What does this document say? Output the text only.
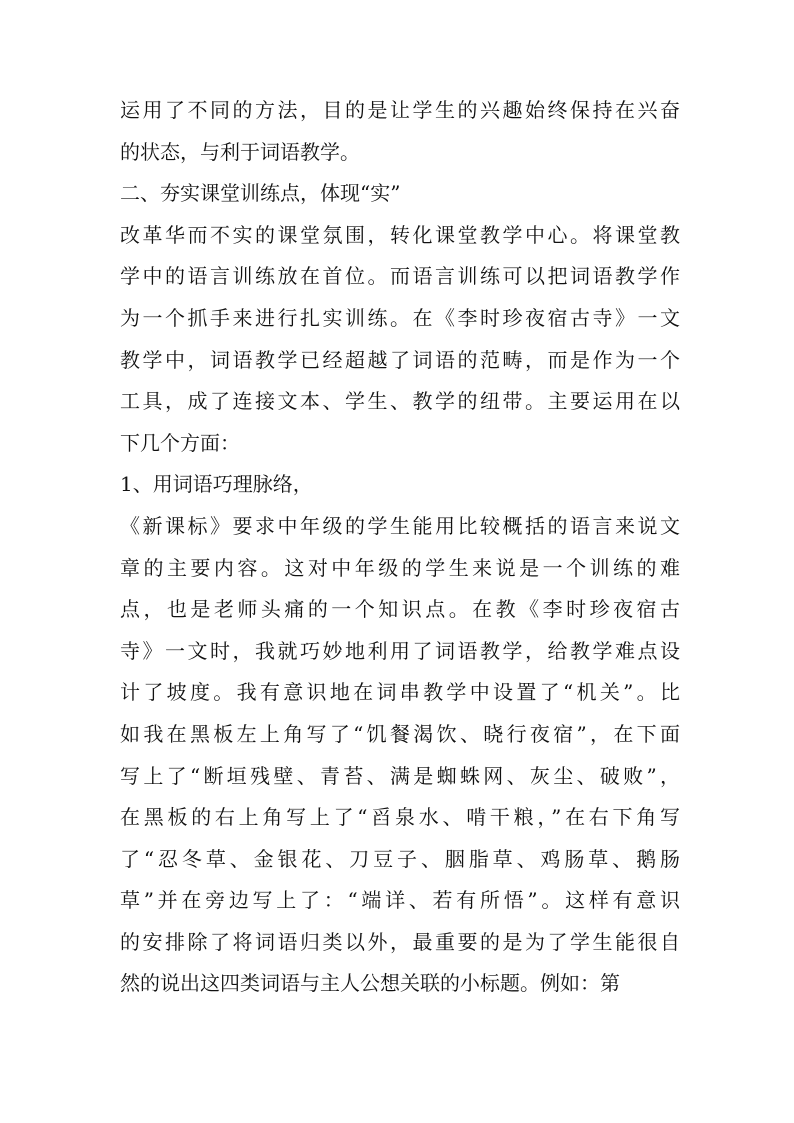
运用了不同的方法，目的是让学生的兴趣始终保持在兴奋
的状态，与利于词语教学。
二、夯实课堂训练点，体现“实”
改革华而不实的课堂氛围，转化课堂教学中心。将课堂教
学中的语言训练放在首位。而语言训练可以把词语教学作
为一个抓手来进行扎实训练。在《李时珍夜宿古寺》一文
教学中，词语教学已经超越了词语的范畴，而是作为一个
工具，成了连接文本、学生、教学的纽带。主要运用在以
下几个方面：
1、用词语巧理脉络，
《新课标》要求中年级的学生能用比较概括的语言来说文
章的主要内容。这对中年级的学生来说是一个训练的难
点，也是老师头痛的一个知识点。在教《李时珍夜宿古
寺》一文时，我就巧妙地利用了词语教学，给教学难点设
计了坡度。我有意识地在词串教学中设置了“机关”。比
如我在黑板左上角写了“饥餐渴饮、晓行夜宿”，在下面
写上了“断垣残壁、青苔、满是蜘蛛网、灰尘、破败”，
在黑板的右上角写上了“舀泉水、啃干粮，”在右下角写
了“忍冬草、金银花、刀豆子、胭脂草、鸡肠草、鹅肠
草”并在旁边写上了：“端详、若有所悟”。这样有意识
的安排除了将词语归类以外，最重要的是为了学生能很自
然的说出这四类词语与主人公想关联的小标题。例如：第
